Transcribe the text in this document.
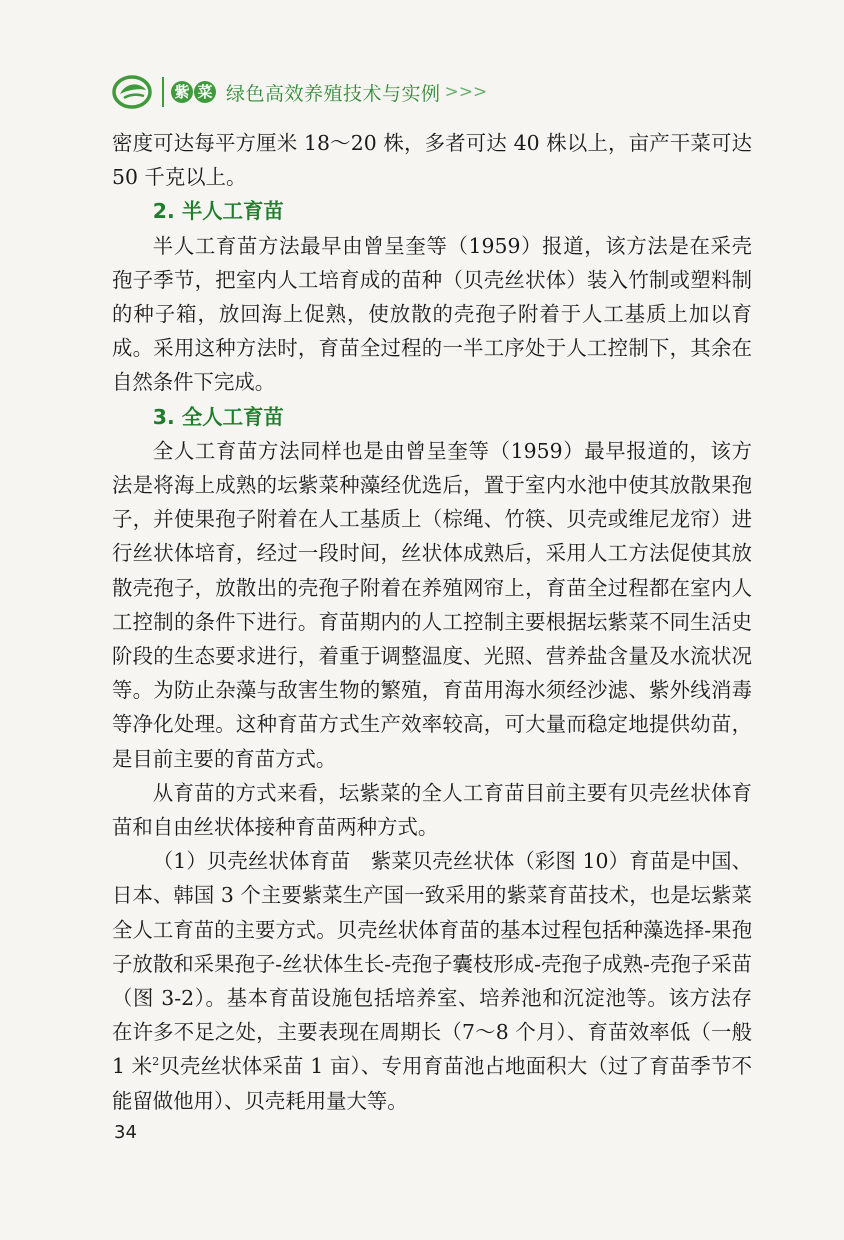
紫 菜 绿色高效养殖技术与实例 >>>

密度可达每平方厘米 18～20 株，多者可达 40 株以上，亩产干菜可达 50 千克以上。

2. 半人工育苗

半人工育苗方法最早由曾呈奎等（1959）报道，该方法是在采壳孢子季节，把室内人工培育成的苗种（贝壳丝状体）装入竹制或塑料制的种子箱，放回海上促熟，使放散的壳孢子附着于人工基质上加以育成。采用这种方法时，育苗全过程的一半工序处于人工控制下，其余在自然条件下完成。

3. 全人工育苗

全人工育苗方法同样也是由曾呈奎等（1959）最早报道的，该方法是将海上成熟的坛紫菜种藻经优选后，置于室内水池中使其放散果孢子，并使果孢子附着在人工基质上（棕绳、竹筷、贝壳或维尼龙帘）进行丝状体培育，经过一段时间，丝状体成熟后，采用人工方法促使其放散壳孢子，放散出的壳孢子附着在养殖网帘上，育苗全过程都在室内人工控制的条件下进行。育苗期内的人工控制主要根据坛紫菜不同生活史阶段的生态要求进行，着重于调整温度、光照、营养盐含量及水流状况等。为防止杂藻与敌害生物的繁殖，育苗用海水须经沙滤、紫外线消毒等净化处理。这种育苗方式生产效率较高，可大量而稳定地提供幼苗，是目前主要的育苗方式。

从育苗的方式来看，坛紫菜的全人工育苗目前主要有贝壳丝状体育苗和自由丝状体接种育苗两种方式。

（1）贝壳丝状体育苗　紫菜贝壳丝状体（彩图 10）育苗是中国、日本、韩国 3 个主要紫菜生产国一致采用的紫菜育苗技术，也是坛紫菜全人工育苗的主要方式。贝壳丝状体育苗的基本过程包括种藻选择-果孢子放散和采果孢子-丝状体生长-壳孢子囊枝形成-壳孢子成熟-壳孢子采苗（图 3-2）。基本育苗设施包括培养室、培养池和沉淀池等。该方法存在许多不足之处，主要表现在周期长（7～8 个月）、育苗效率低（一般 1 米$^2$贝壳丝状体采苗 1 亩）、专用育苗池占地面积大（过了育苗季节不能留做他用）、贝壳耗用量大等。

34
